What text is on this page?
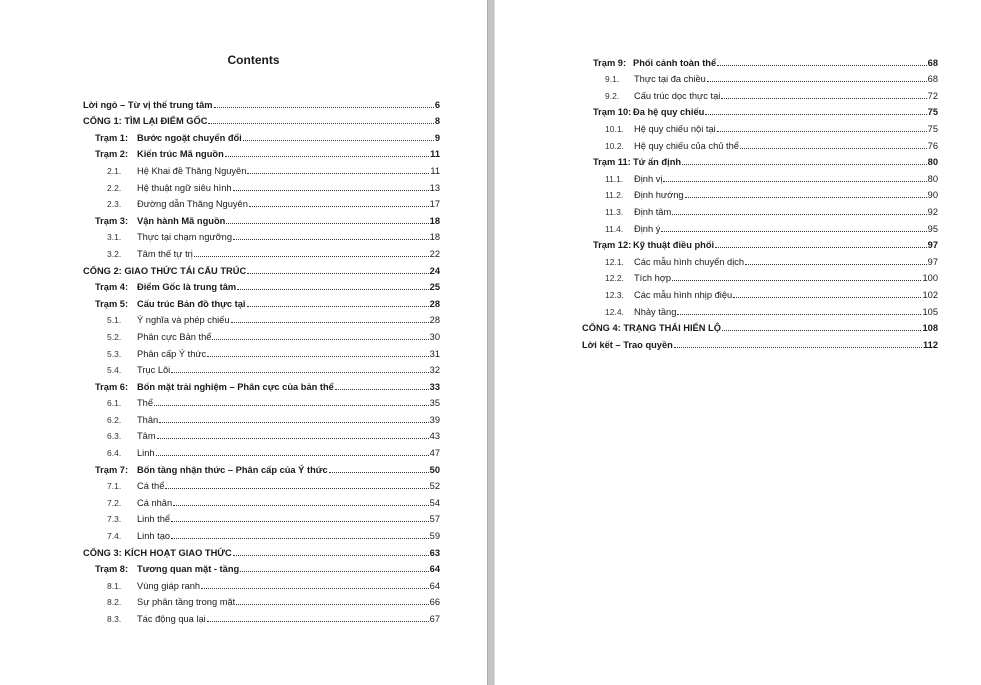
Contents
Lời ngỏ – Từ vị thế trung tâm	6
CỔNG 1: TÌM LẠI ĐIỂM GỐC	8
Trạm 1: Bước ngoặt chuyển đổi	9
Trạm 2: Kiến trúc Mã nguồn	11
2.1.	Hệ Khai đề Thăng Nguyên	11
2.2.	Hệ thuật ngữ siêu hình	13
2.3.	Đường dẫn Thăng Nguyên	17
Trạm 3: Vận hành Mã nguồn	18
3.1.	Thực tại chạm ngưỡng	18
3.2.	Tâm thế tự trị	22
CỔNG 2: GIAO THỨC TÁI CẤU TRÚC	24
Trạm 4: Điểm Gốc là trung tâm	25
Trạm 5: Cấu trúc Bản đồ thực tại	28
5.1.	Ý nghĩa và phép chiếu	28
5.2.	Phân cực Bản thể	30
5.3.	Phân cấp Ý thức	31
5.4.	Trục Lõi	32
Trạm 6: Bốn mặt trải nghiệm – Phân cực của bản thể	33
6.1.	Thể	35
6.2.	Thân	39
6.3.	Tâm	43
6.4.	Linh	47
Trạm 7: Bốn tầng nhận thức – Phân cấp của Ý thức	50
7.1.	Cá thể	52
7.2.	Cá nhân	54
7.3.	Linh thể	57
7.4.	Linh tạo	59
CỔNG 3: KÍCH HOẠT GIAO THỨC	63
Trạm 8: Tương quan mặt - tầng	64
8.1.	Vùng giáp ranh	64
8.2.	Sự phân tầng trong mặt	66
8.3.	Tác động qua lại	67
Trạm 9: Phối cảnh toàn thể	68
9.1.	Thực tại đa chiều	68
9.2.	Cấu trúc dọc thực tại	72
Trạm 10: Đa hệ quy chiếu	75
10.1.	Hệ quy chiếu nội tại	75
10.2.	Hệ quy chiếu của chủ thể	76
Trạm 11: Tứ ấn định	80
11.1.	Định vị	80
11.2.	Định hướng	90
11.3.	Định tâm	92
11.4.	Định ý	95
Trạm 12: Kỹ thuật điều phối	97
12.1.	Các mẫu hình chuyển dịch	97
12.2.	Tích hợp	100
12.3.	Các mẫu hình nhịp điệu	102
12.4.	Nhảy tầng	105
CỔNG 4: TRẠNG THÁI HIỂN LỘ	108
Lời kết – Trao quyền	112
